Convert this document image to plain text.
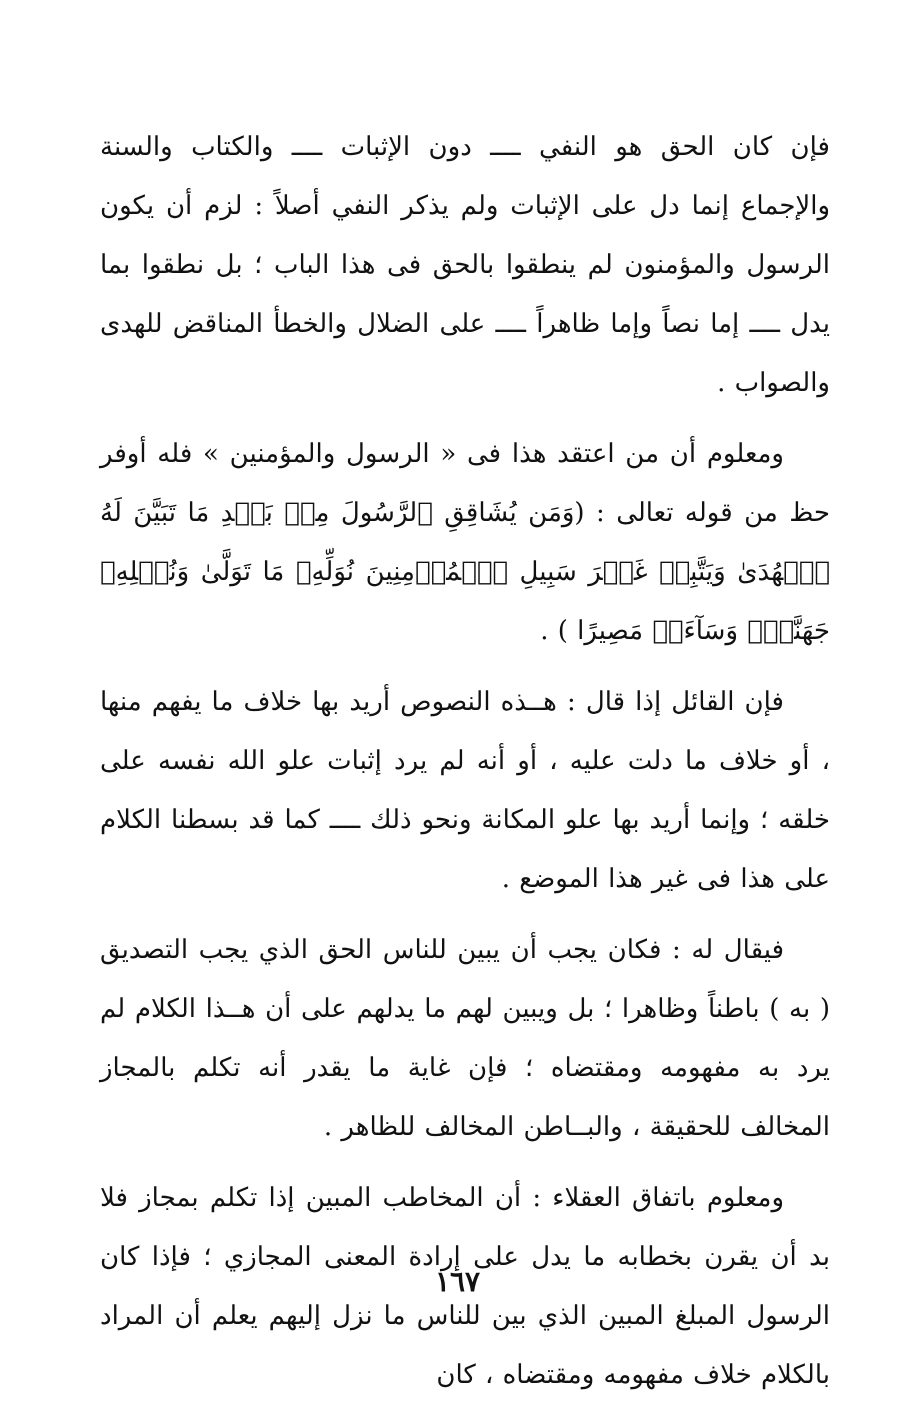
فإن كان الحق هو النفي ــــ دون الإثبات ــــ والكتاب والسنة والإجماع إنما دل على الإثبات ولم يذكر النفي أصلاً : لزم أن يكون الرسول والمؤمنون لم ينطقوا بالحق فى هذا الباب ؛ بل نطقوا بما يدل ــــ إما نصاً وإما ظاهراً ــــ على الضلال والخطأ المناقض للهدى والصواب .

ومعلوم أن من اعتقد هذا فى « الرسول والمؤمنين » فله أوفر حظ من قوله تعالى : (وَمَن يُشَاقِقِ ٱلرَّسُولَ مِنۢ بَعۡدِ مَا تَبَيَّنَ لَهُ ٱلۡهُدَىٰ وَيَتَّبِعۡ غَيۡرَ سَبِيلِ ٱلۡمُؤۡمِنِينَ نُوَلِّهِۦ مَا تَوَلَّىٰ وَنُصۡلِهِۦ جَهَنَّمَۖ وَسَآءَتۡ مَصِيرًا ) .

فإن القائل إذا قال : هــذه النصوص أريد بها خلاف ما يفهم منها ، أو خلاف ما دلت عليه ، أو أنه لم يرد إثبات علو الله نفسه على خلقه ؛ وإنما أريد بها علو المكانة ونحو ذلك ــــ كما قد بسطنا الكلام على هذا فى غير هذا الموضع .

فيقال له : فكان يجب أن يبين للناس الحق الذي يجب التصديق ( به ) باطناً وظاهرا ؛ بل ويبين لهم ما يدلهم على أن هــذا الكلام لم يرد به مفهومه ومقتضاه ؛ فإن غاية ما يقدر أنه تكلم بالمجاز المخالف للحقيقة ، والبــاطن المخالف للظاهر .

ومعلوم باتفاق العقلاء : أن المخاطب المبين إذا تكلم بمجاز فلا بد أن يقرن بخطابه ما يدل على إرادة المعنى المجازي ؛ فإذا كان الرسول المبلغ المبين الذي بين للناس ما نزل إليهم يعلم أن المراد بالكلام خلاف مفهومه ومقتضاه ، كان

١٦٧
